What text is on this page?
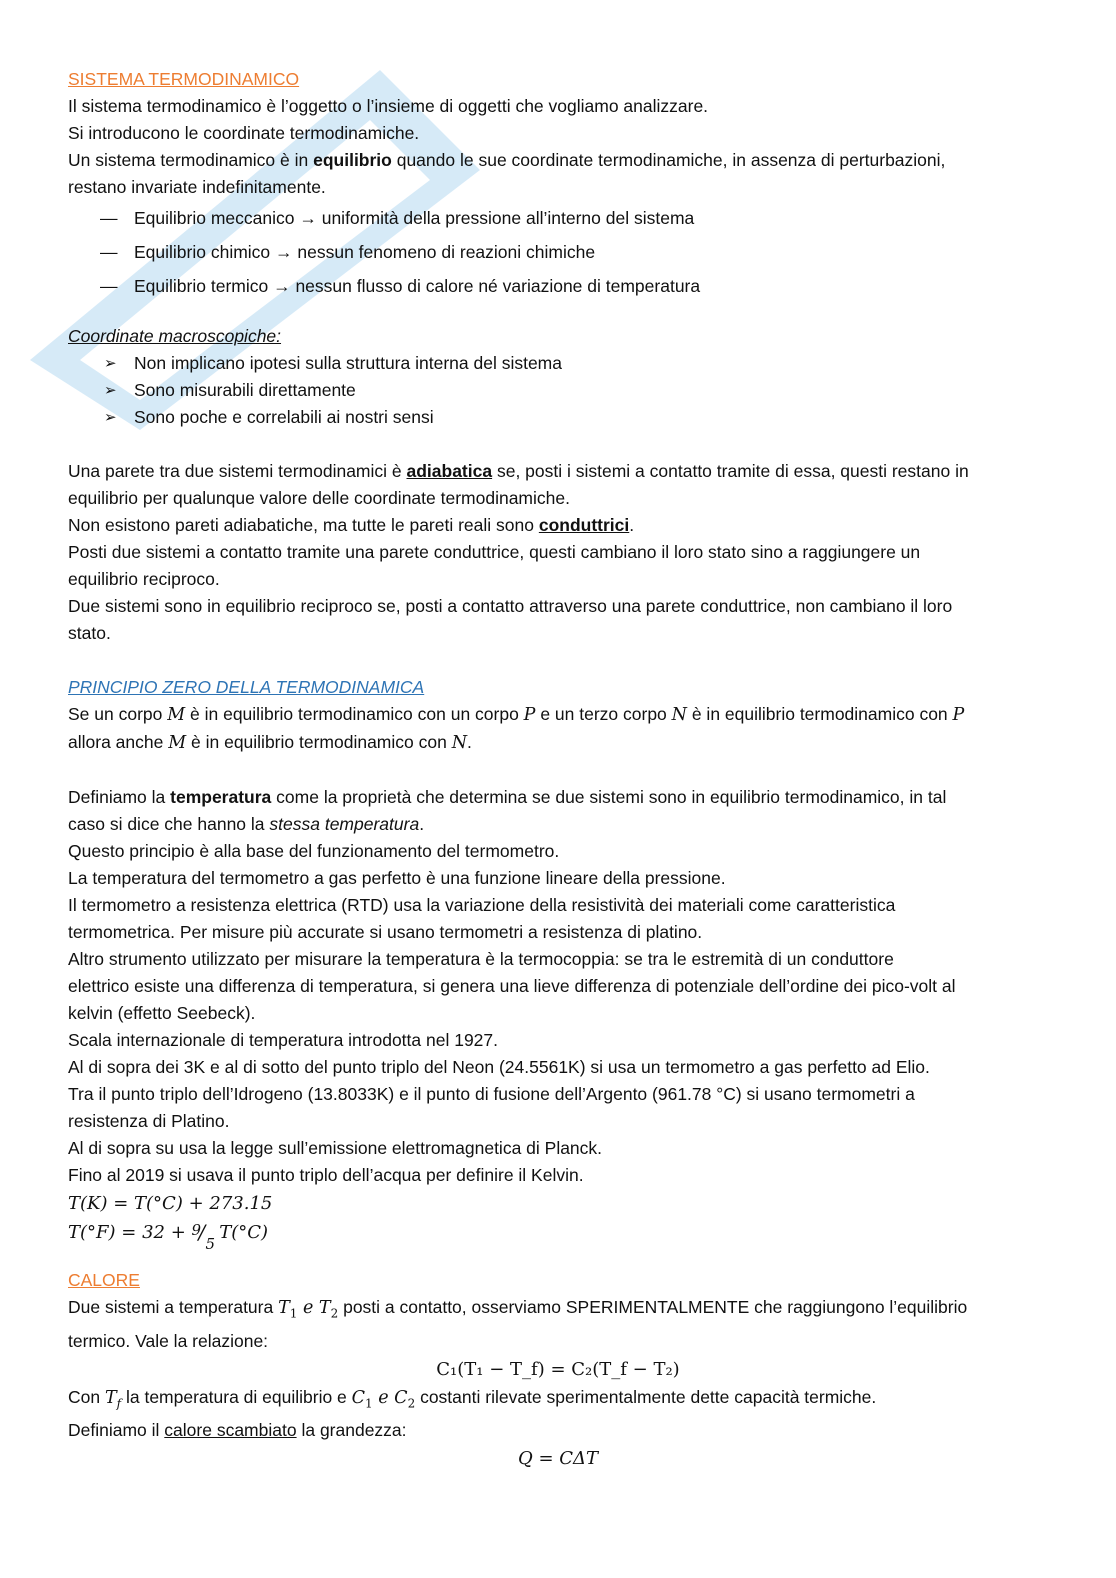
SISTEMA TERMODINAMICO
Il sistema termodinamico è l’oggetto o l’insieme di oggetti che vogliamo analizzare.
Si introducono le coordinate termodinamiche.
Un sistema termodinamico è in equilibrio quando le sue coordinate termodinamiche, in assenza di perturbazioni,
restano invariate indefinitamente.
— Equilibrio meccanico → uniformità della pressione all’interno del sistema
— Equilibrio chimico → nessun fenomeno di reazioni chimiche
— Equilibrio termico → nessun flusso di calore né variazione di temperatura
Coordinate macroscopiche:
➢ Non implicano ipotesi sulla struttura interna del sistema
➢ Sono misurabili direttamente
➢ Sono poche e correlabili ai nostri sensi
Una parete tra due sistemi termodinamici è adiabatica se, posti i sistemi a contatto tramite di essa, questi restano in
equilibrio per qualunque valore delle coordinate termodinamiche.
Non esistono pareti adiabatiche, ma tutte le pareti reali sono conduttrici.
Posti due sistemi a contatto tramite una parete conduttrice, questi cambiano il loro stato sino a raggiungere un
equilibrio reciproco.
Due sistemi sono in equilibrio reciproco se, posti a contatto attraverso una parete conduttrice, non cambiano il loro
stato.
PRINCIPIO ZERO DELLA TERMODINAMICA
Se un corpo M è in equilibrio termodinamico con un corpo P e un terzo corpo N è in equilibrio termodinamico con P
allora anche M è in equilibrio termodinamico con N.
Definiamo la temperatura come la proprietà che determina se due sistemi sono in equilibrio termodinamico, in tal
caso si dice che hanno la stessa temperatura.
Questo principio è alla base del funzionamento del termometro.
La temperatura del termometro a gas perfetto è una funzione lineare della pressione.
Il termometro a resistenza elettrica (RTD) usa la variazione della resistività dei materiali come caratteristica
termometrica. Per misure più accurate si usano termometri a resistenza di platino.
Altro strumento utilizzato per misurare la temperatura è la termocoppia: se tra le estremità di un conduttore
elettrico esiste una differenza di temperatura, si genera una lieve differenza di potenziale dell’ordine dei pico-volt al
kelvin (effetto Seebeck).
Scala internazionale di temperatura introdotta nel 1927.
Al di sopra dei 3K e al di sotto del punto triplo del Neon (24.5561K) si usa un termometro a gas perfetto ad Elio.
Tra il punto triplo dell’Idrogeno (13.8033K) e il punto di fusione dell’Argento (961.78 °C) si usano termometri a
resistenza di Platino.
Al di sopra su usa la legge sull’emissione elettromagnetica di Planck.
Fino al 2019 si usava il punto triplo dell’acqua per definire il Kelvin.
T(K) = T(°C) + 273.15
T(°F) = 32 + 9
/ 5
T(°C)
CALORE
Due sistemi a temperatura $T_1$ e $T_2$ posti a contatto, osserviamo SPERIMENTALMENTE che raggiungono l’equilibrio
termico. Vale la relazione:
C₁(T₁ − T_f) = C₂(T_f − T₂)
Con $T_f$ la temperatura di equilibrio e $C_1$ e $C_2$ costanti rilevate sperimentalmente dette capacità termiche.
Definiamo il calore scambiato la grandezza:
Q = CΔT
